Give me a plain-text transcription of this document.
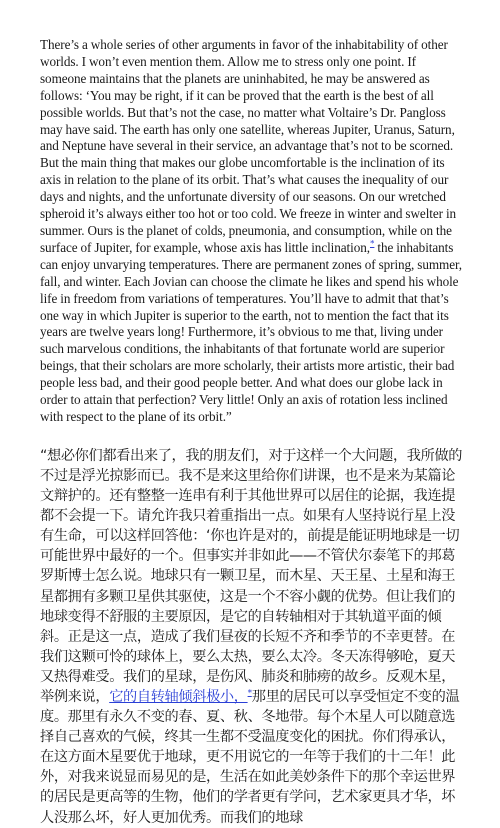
There’s a whole series of other arguments in favor of the inhabitability of other worlds. I won’t even mention them. Allow me to stress only one point. If someone maintains that the planets are uninhabited, he may be answered as follows: ‘You may be right, if it can be proved that the earth is the best of all possible worlds. But that’s not the case, no matter what Voltaire’s Dr. Pangloss may have said. The earth has only one satellite, whereas Jupiter, Uranus, Saturn, and Neptune have several in their service, an advantage that’s not to be scorned. But the main thing that makes our globe uncomfortable is the inclination of its axis in relation to the plane of its orbit. That’s what causes the inequality of our days and nights, and the unfortunate diversity of our seasons. On our wretched spheroid it’s always either too hot or too cold. We freeze in winter and swelter in summer. Ours is the planet of colds, pneumonia, and consumption, while on the surface of Jupiter, for example, whose axis has little inclination,* the inhabitants can enjoy unvarying temperatures. There are permanent zones of spring, summer, fall, and winter. Each Jovian can choose the climate he likes and spend his whole life in freedom from variations of temperatures. You’ll have to admit that that’s one way in which Jupiter is superior to the earth, not to mention the fact that its years are twelve years long! Furthermore, it’s obvious to me that, living under such marvelous conditions, the inhabitants of that fortunate world are superior beings, that their scholars are more scholarly, their artists more artistic, their bad people less bad, and their good people better. And what does our globe lack in order to attain that perfection? Very little! Only an axis of rotation less inclined with respect to the plane of its orbit.”

“想必你们都看出来了，我的朋友们，对于这样一个大问题，我所做的不过是浮光掠影而已。我不是来这里给你们讲课，也不是来为某篇论文辩护的。还有整整一连串有利于其他世界可以居住的论据，我连提都不会提一下。请允许我只着重指出一点。如果有人坚持说行星上没有生命，可以这样回答他：‘你也许是对的，前提是能证明地球是一切可能世界中最好的一个。但事实并非如此——不管伏尔泰笔下的邦葛罗斯博士怎么说。地球只有一颗卫星，而木星、天王星、土星和海王星都拥有多颗卫星供其驱使，这是一个不容小觑的优势。但让我们的地球变得不舒服的主要原因，是它的自转轴相对于其轨道平面的倾斜。正是这一点，造成了我们昼夜的长短不齐和季节的不幸更替。在我们这颗可怜的球体上，要么太热，要么太冷。冬天冻得够呛，夏天又热得难受。我们的星球，是伤风、肺炎和肺痨的故乡。反观木星，举例来说，它的自转轴倾斜极小，*那里的居民可以享受恒定不变的温度。那里有永久不变的春、夏、秋、冬地带。每个木星人可以随意选择自己喜欢的气候，终其一生都不受温度变化的困扰。你们得承认，在这方面木星要优于地球，更不用说它的一年等于我们的十二年！此外，对我来说显而易见的是，生活在如此美妙条件下的那个幸运世界的居民是更高等的生物，他们的学者更有学问，艺术家更具才华，坏人没那么坏，好人更加优秀。而我们的地球
